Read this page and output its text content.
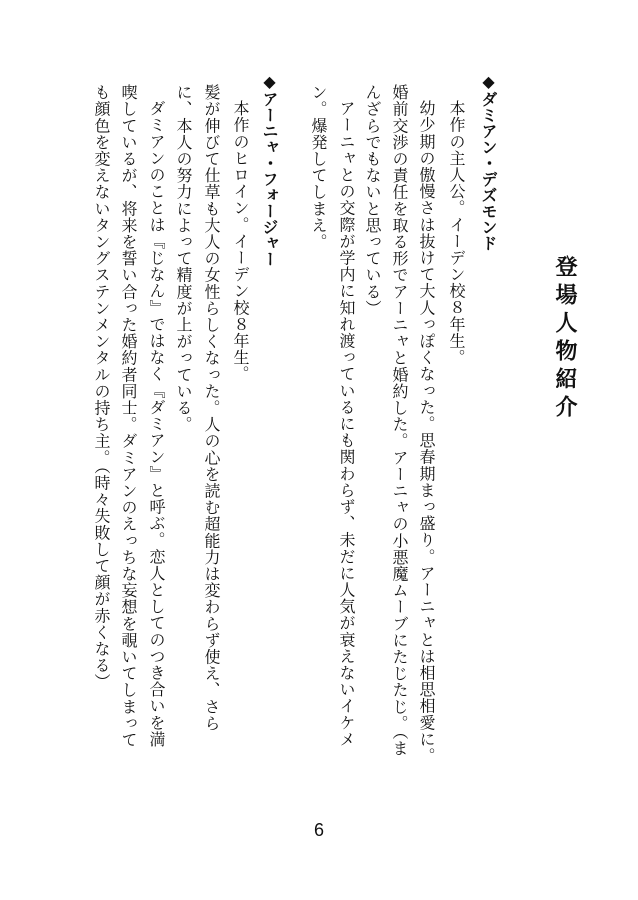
登場人物紹介
◆ダミアン・デズモンド
本作の主人公。イーデン校８年生。
幼少期の傲慢さは抜けて大人っぽくなった。思春期まっ盛り。アーニャとは相思相愛に。
婚前交渉の責任を取る形でアーニャと婚約した。アーニャの小悪魔ムーブにたじたじ。（ま
んざらでもないと思っている）
アーニャとの交際が学内に知れ渡っているにも関わらず、未だに人気が衰えないイケメ
ン。爆発してしまえ。
◆アーニャ・フォージャー
本作のヒロイン。イーデン校８年生。
髪が伸びて仕草も大人の女性らしくなった。人の心を読む超能力は変わらず使え、さら
に、本人の努力によって精度が上がっている。
ダミアンのことは『じなん』ではなく『ダミアン』と呼ぶ。恋人としてのつき合いを満
喫しているが、将来を誓い合った婚約者同士。ダミアンのえっちな妄想を覗いてしまって
も顔色を変えないタングステンメンタルの持ち主。（時々失敗して顔が赤くなる）
6
